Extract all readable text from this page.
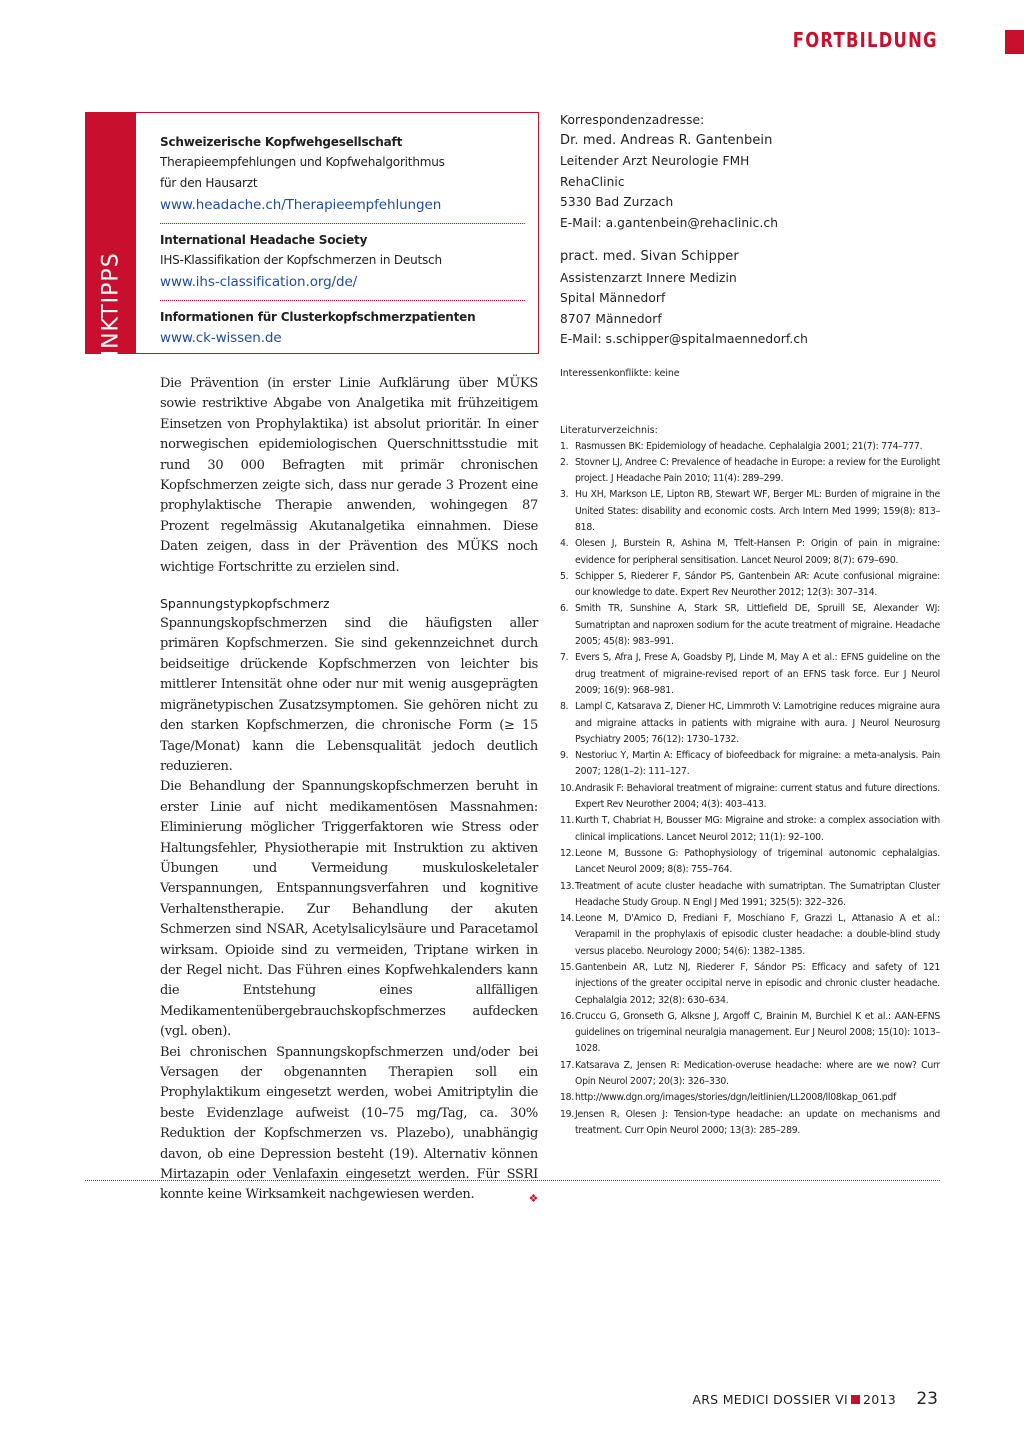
FORTBILDUNG
LINKTIPPS
Schweizerische Kopfwehgesellschaft
Therapieempfehlungen und Kopfwehalgorithmus
für den Hausarzt
www.headache.ch/Therapieempfehlungen
International Headache Society
IHS-Klassifikation der Kopfschmerzen in Deutsch
www.ihs-classification.org/de/
Informationen für Clusterkopfschmerzpatienten
www.ck-wissen.de

Die Prävention (in erster Linie Aufklärung über MÜKS sowie restriktive Abgabe von Analgetika mit frühzeitigem Einsetzen von Prophylaktika) ist absolut prioritär. In einer norwegischen epidemiologischen Querschnittsstudie mit rund 30 000 Befragten mit primär chronischen Kopfschmerzen zeigte sich, dass nur gerade 3 Prozent eine prophylaktische Therapie anwenden, wohingegen 87 Prozent regelmässig Akutanalgetika einnahmen. Diese Daten zeigen, dass in der Prävention des MÜKS noch wichtige Fortschritte zu erzielen sind.

Spannungstypkopfschmerz

Spannungskopfschmerzen sind die häufigsten aller primären Kopfschmerzen. Sie sind gekennzeichnet durch beidseitige drückende Kopfschmerzen von leichter bis mittlerer Intensität ohne oder nur mit wenig ausgeprägten migränetypischen Zusatzsymptomen. Sie gehören nicht zu den starken Kopfschmerzen, die chronische Form (≥ 15 Tage/Monat) kann die Lebensqualität jedoch deutlich reduzieren.

Die Behandlung der Spannungskopfschmerzen beruht in erster Linie auf nicht medikamentösen Massnahmen: Eliminierung möglicher Triggerfaktoren wie Stress oder Haltungsfehler, Physiotherapie mit Instruktion zu aktiven Übungen und Vermeidung muskuloskeletaler Verspannungen, Entspannungsverfahren und kognitive Verhaltenstherapie. Zur Behandlung der akuten Schmerzen sind NSAR, Acetylsalicylsäure und Paracetamol wirksam. Opioide sind zu vermeiden, Triptane wirken in der Regel nicht. Das Führen eines Kopfwehkalenders kann die Entstehung eines allfälligen Medikamentenübergebrauchskopfschmerzes aufdecken (vgl. oben).

Bei chronischen Spannungskopfschmerzen und/oder bei Versagen der obgenannten Therapien soll ein Prophylaktikum eingesetzt werden, wobei Amitriptylin die beste Evidenzlage aufweist (10–75 mg/Tag, ca. 30% Reduktion der Kopfschmerzen vs. Plazebo), unabhängig davon, ob eine Depression besteht (19). Alternativ können Mirtazapin oder Venlafaxin eingesetzt werden. Für SSRI konnte keine Wirksamkeit nachgewiesen werden.	❖

Korrespondenzadresse:
Dr. med. Andreas R. Gantenbein
Leitender Arzt Neurologie FMH
RehaClinic
5330 Bad Zurzach
E-Mail: a.gantenbein@rehaclinic.ch
pract. med. Sivan Schipper
Assistenzarzt Innere Medizin
Spital Männedorf
8707 Männedorf
E-Mail: s.schipper@spitalmaennedorf.ch
Interessenkonflikte: keine
Literaturverzeichnis:
1. Rasmussen BK: Epidemiology of headache. Cephalalgia 2001; 21(7): 774–777.
2. Stovner LJ, Andree C: Prevalence of headache in Europe: a review for the Eurolight project. J Headache Pain 2010; 11(4): 289–299.
3. Hu XH, Markson LE, Lipton RB, Stewart WF, Berger ML: Burden of migraine in the United States: disability and economic costs. Arch Intern Med 1999; 159(8): 813–818.
4. Olesen J, Burstein R, Ashina M, Tfelt-Hansen P: Origin of pain in migraine: evidence for peripheral sensitisation. Lancet Neurol 2009; 8(7): 679–690.
5. Schipper S, Riederer F, Sándor PS, Gantenbein AR: Acute confusional migraine: our knowledge to date. Expert Rev Neurother 2012; 12(3): 307–314.
6. Smith TR, Sunshine A, Stark SR, Littlefield DE, Spruill SE, Alexander WJ: Sumatriptan and naproxen sodium for the acute treatment of migraine. Headache 2005; 45(8): 983–991.
7. Evers S, Afra J, Frese A, Goadsby PJ, Linde M, May A et al.: EFNS guideline on the drug treatment of migraine-revised report of an EFNS task force. Eur J Neurol 2009; 16(9): 968–981.
8. Lampl C, Katsarava Z, Diener HC, Limmroth V: Lamotrigine reduces migraine aura and migraine attacks in patients with migraine with aura. J Neurol Neurosurg Psychiatry 2005; 76(12): 1730–1732.
9. Nestoriuc Y, Martin A: Efficacy of biofeedback for migraine: a meta-analysis. Pain 2007; 128(1–2): 111–127.
10. Andrasik F: Behavioral treatment of migraine: current status and future directions. Expert Rev Neurother 2004; 4(3): 403–413.
11. Kurth T, Chabriat H, Bousser MG: Migraine and stroke: a complex association with clinical implications. Lancet Neurol 2012; 11(1): 92–100.
12. Leone M, Bussone G: Pathophysiology of trigeminal autonomic cephalalgias. Lancet Neurol 2009; 8(8): 755–764.
13. Treatment of acute cluster headache with sumatriptan. The Sumatriptan Cluster Headache Study Group. N Engl J Med 1991; 325(5): 322–326.
14. Leone M, D'Amico D, Frediani F, Moschiano F, Grazzi L, Attanasio A et al.: Verapamil in the prophylaxis of episodic cluster headache: a double-blind study versus placebo. Neurology 2000; 54(6): 1382–1385.
15. Gantenbein AR, Lutz NJ, Riederer F, Sándor PS: Efficacy and safety of 121 injections of the greater occipital nerve in episodic and chronic cluster headache. Cephalalgia 2012; 32(8): 630–634.
16. Cruccu G, Gronseth G, Alksne J, Argoff C, Brainin M, Burchiel K et al.: AAN-EFNS guidelines on trigeminal neuralgia management. Eur J Neurol 2008; 15(10): 1013–1028.
17. Katsarava Z, Jensen R: Medication-overuse headache: where are we now? Curr Opin Neurol 2007; 20(3): 326–330.
18. http://www.dgn.org/images/stories/dgn/leitlinien/LL2008/ll08kap_061.pdf
19. Jensen R, Olesen J: Tension-type headache: an update on mechanisms and treatment. Curr Opin Neurol 2000; 13(3): 285–289.
ARS MEDICI DOSSIER VI 2013 23
